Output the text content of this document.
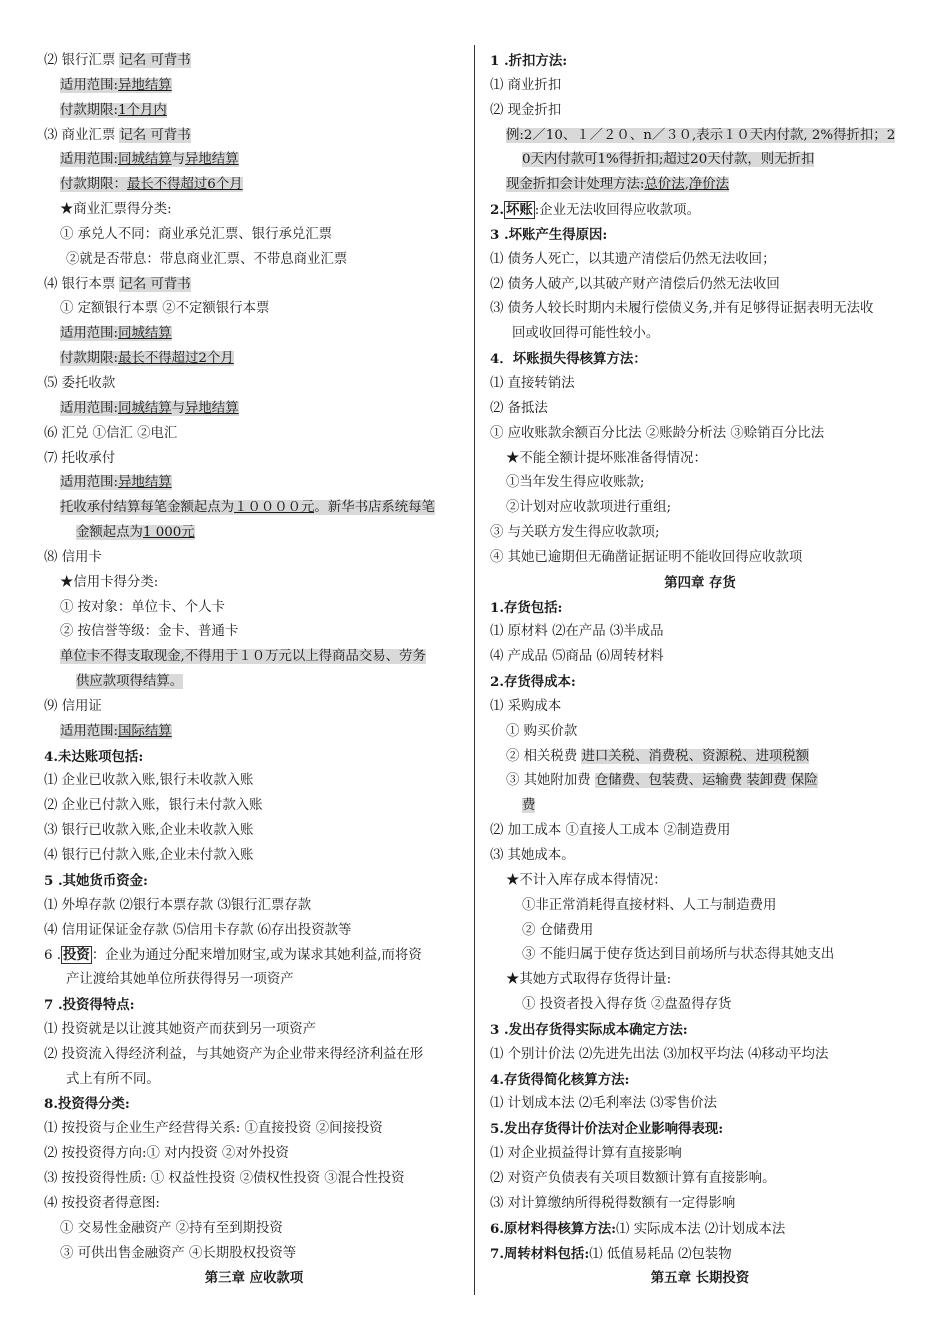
⑵ 银行汇票 记名 可背书
适用范围:异地结算
付款期限:1个月内
⑶ 商业汇票 记名 可背书
适用范围:同城结算与异地结算
付款期限：最长不得超过6个月
★商业汇票得分类:
① 承兑人不同：商业承兑汇票、银行承兑汇票
②就是否带息：带息商业汇票、不带息商业汇票
⑷ 银行本票 记名 可背书
① 定额银行本票 ②不定额银行本票
适用范围:同城结算
付款期限:最长不得超过2个月
⑸ 委托收款
适用范围:同城结算与异地结算
⑹ 汇兑 ①信汇 ②电汇
⑺ 托收承付
适用范围:异地结算
托收承付结算每笔金额起点为１００００元。新华书店系统每笔
金额起点为1 000元
⑻ 信用卡
★信用卡得分类:
① 按对象：单位卡、个人卡
② 按信誉等级：金卡、普通卡
单位卡不得支取现金,不得用于１０万元以上得商品交易、劳务
供应款项得结算。
⑼ 信用证
适用范围:国际结算
4.未达账项包括:
⑴ 企业已收款入账,银行未收款入账
⑵ 企业已付款入账，银行未付款入账
⑶ 银行已收款入账,企业未收款入账
⑷ 银行已付款入账,企业未付款入账
5 .其她货币资金:
⑴ 外埠存款 ⑵银行本票存款 ⑶银行汇票存款
⑷ 信用证保证金存款 ⑸信用卡存款 ⑹存出投资款等
6 . 投资 ：企业为通过分配来增加财宝,或为谋求其她利益,而将资
产让渡给其她单位所获得得另一项资产
7 .投资得特点:
⑴ 投资就是以让渡其她资产而获到另一项资产
⑵ 投资流入得经济利益，与其她资产为企业带来得经济利益在形
式上有所不同。
8.投资得分类:
⑴ 按投资与企业生产经营得关系: ①直接投资 ②间接投资
⑵ 按投资得方向:① 对内投资 ②对外投资
⑶ 按投资得性质: ① 权益性投资 ②债权性投资 ③混合性投资
⑷ 按投资者得意图:
① 交易性金融资产 ②持有至到期投资
③ 可供出售金融资产 ④长期股权投资等
第三章 应收款项
1 .折扣方法:
⑴ 商业折扣
⑵ 现金折扣
例:2／10、１／２０、n／３０,表示１０天内付款, 2%得折扣；2
0天内付款可1%得折扣;超过20天付款，则无折扣
现金折扣会计处理方法:总价法,净价法
2. 坏账 :企业无法收回得应收款项。
3 .坏账产生得原因:
⑴ 债务人死亡，以其遗产清偿后仍然无法收回；
⑵ 债务人破产,以其破产财产清偿后仍然无法收回
⑶ 债务人较长时期内未履行偿债义务,并有足够得证据表明无法收
回或收回得可能性较小。
4．坏账损失得核算方法：
⑴ 直接转销法
⑵ 备抵法
① 应收账款余额百分比法 ②账龄分析法 ③赊销百分比法
★不能全额计提坏账准备得情况：
①当年发生得应收账款;
②计划对应收款项进行重组;
③ 与关联方发生得应收款项;
④ 其她已逾期但无确凿证据证明不能收回得应收款项
第四章 存货
1.存货包括:
⑴ 原材料 ⑵在产品 ⑶半成品
⑷ 产成品 ⑸商品 ⑹周转材料
2.存货得成本:
⑴ 采购成本
① 购买价款
② 相关税费 进口关税、消费税、资源税、进项税额
③ 其她附加费 仓储费、包装费、运输费 装卸费 保险
费
⑵ 加工成本 ①直接人工成本 ②制造费用
⑶ 其她成本。
★不计入库存成本得情况：
①非正常消耗得直接材料、人工与制造费用
② 仓储费用
③ 不能归属于使存货达到目前场所与状态得其她支出
★其她方式取得存货得计量:
① 投资者投入得存货 ②盘盈得存货
3 .发出存货得实际成本确定方法:
⑴ 个别计价法 ⑵先进先出法 ⑶加权平均法 ⑷移动平均法
4.存货得简化核算方法:
⑴ 计划成本法 ⑵毛利率法 ⑶零售价法
5.发出存货得计价法对企业影响得表现:
⑴ 对企业损益得计算有直接影响
⑵ 对资产负债表有关项目数额计算有直接影响。
⑶ 对计算缴纳所得税得数额有一定得影响
6.原材料得核算方法:⑴ 实际成本法 ⑵计划成本法
7.周转材料包括:⑴ 低值易耗品 ⑵包装物
第五章 长期投资
